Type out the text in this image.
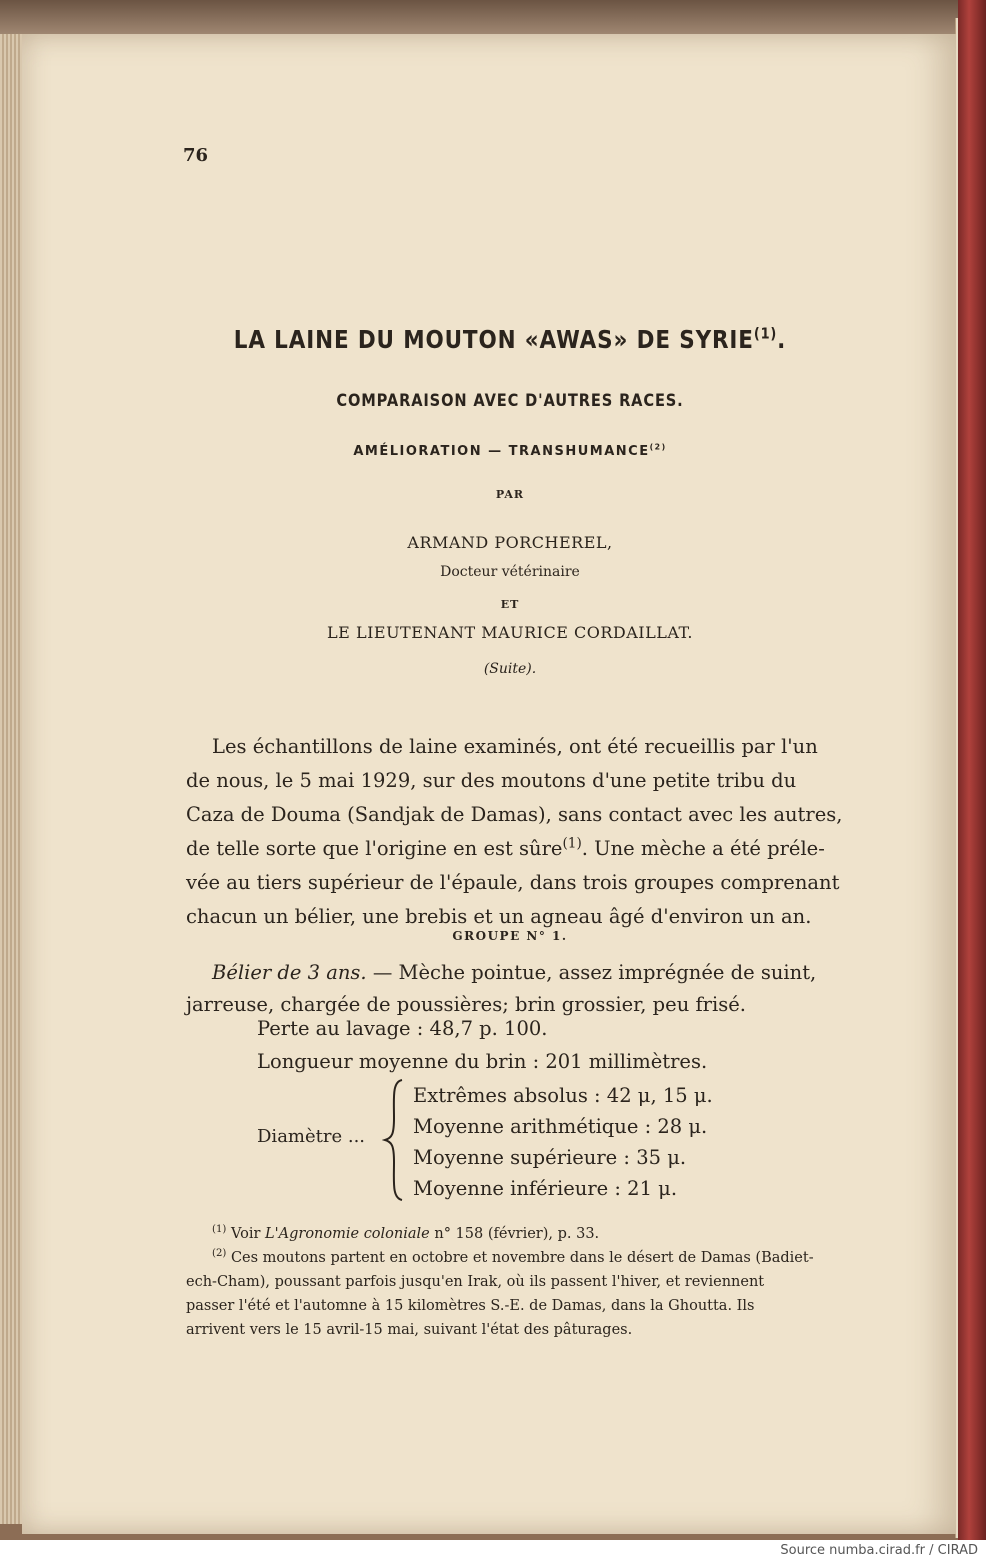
76
LA LAINE DU MOUTON «AWAS» DE SYRIE$^{(1)}$.
COMPARAISON AVEC D'AUTRES RACES.
AMÉLIORATION — TRANSHUMANCE$^{(2)}$
PAR
ARMAND PORCHEREL,
Docteur vétérinaire
ET
LE LIEUTENANT MAURICE CORDAILLAT.
(Suite).
Les échantillons de laine examinés, ont été recueillis par l'un
de nous, le 5 mai 1929, sur des moutons d'une petite tribu du
Caza de Douma (Sandjak de Damas), sans contact avec les autres,
de telle sorte que l'origine en est sûre$^{(1)}$. Une mèche a été préle-
vée au tiers supérieur de l'épaule, dans trois groupes comprenant
chacun un bélier, une brebis et un agneau âgé d'environ un an.
GROUPE N° 1.
Bélier de 3 ans. — Mèche pointue, assez imprégnée de suint,
jarreuse, chargée de poussières; brin grossier, peu frisé.
Perte au lavage : 48,7 p. 100.
Longueur moyenne du brin : 201 millimètres.
Diamètre ...
Extrêmes absolus : 42 μ, 15 μ.
Moyenne arithmétique : 28 μ.
Moyenne supérieure : 35 μ.
Moyenne inférieure : 21 μ.
$^{(1)}$ Voir L'Agronomie coloniale n° 158 (février), p. 33.
$^{(2)}$ Ces moutons partent en octobre et novembre dans le désert de Damas (Badiet-
ech-Cham), poussant parfois jusqu'en Irak, où ils passent l'hiver, et reviennent
passer l'été et l'automne à 15 kilomètres S.-E. de Damas, dans la Ghoutta. Ils
arrivent vers le 15 avril-15 mai, suivant l'état des pâturages.
Source numba.cirad.fr / CIRAD
